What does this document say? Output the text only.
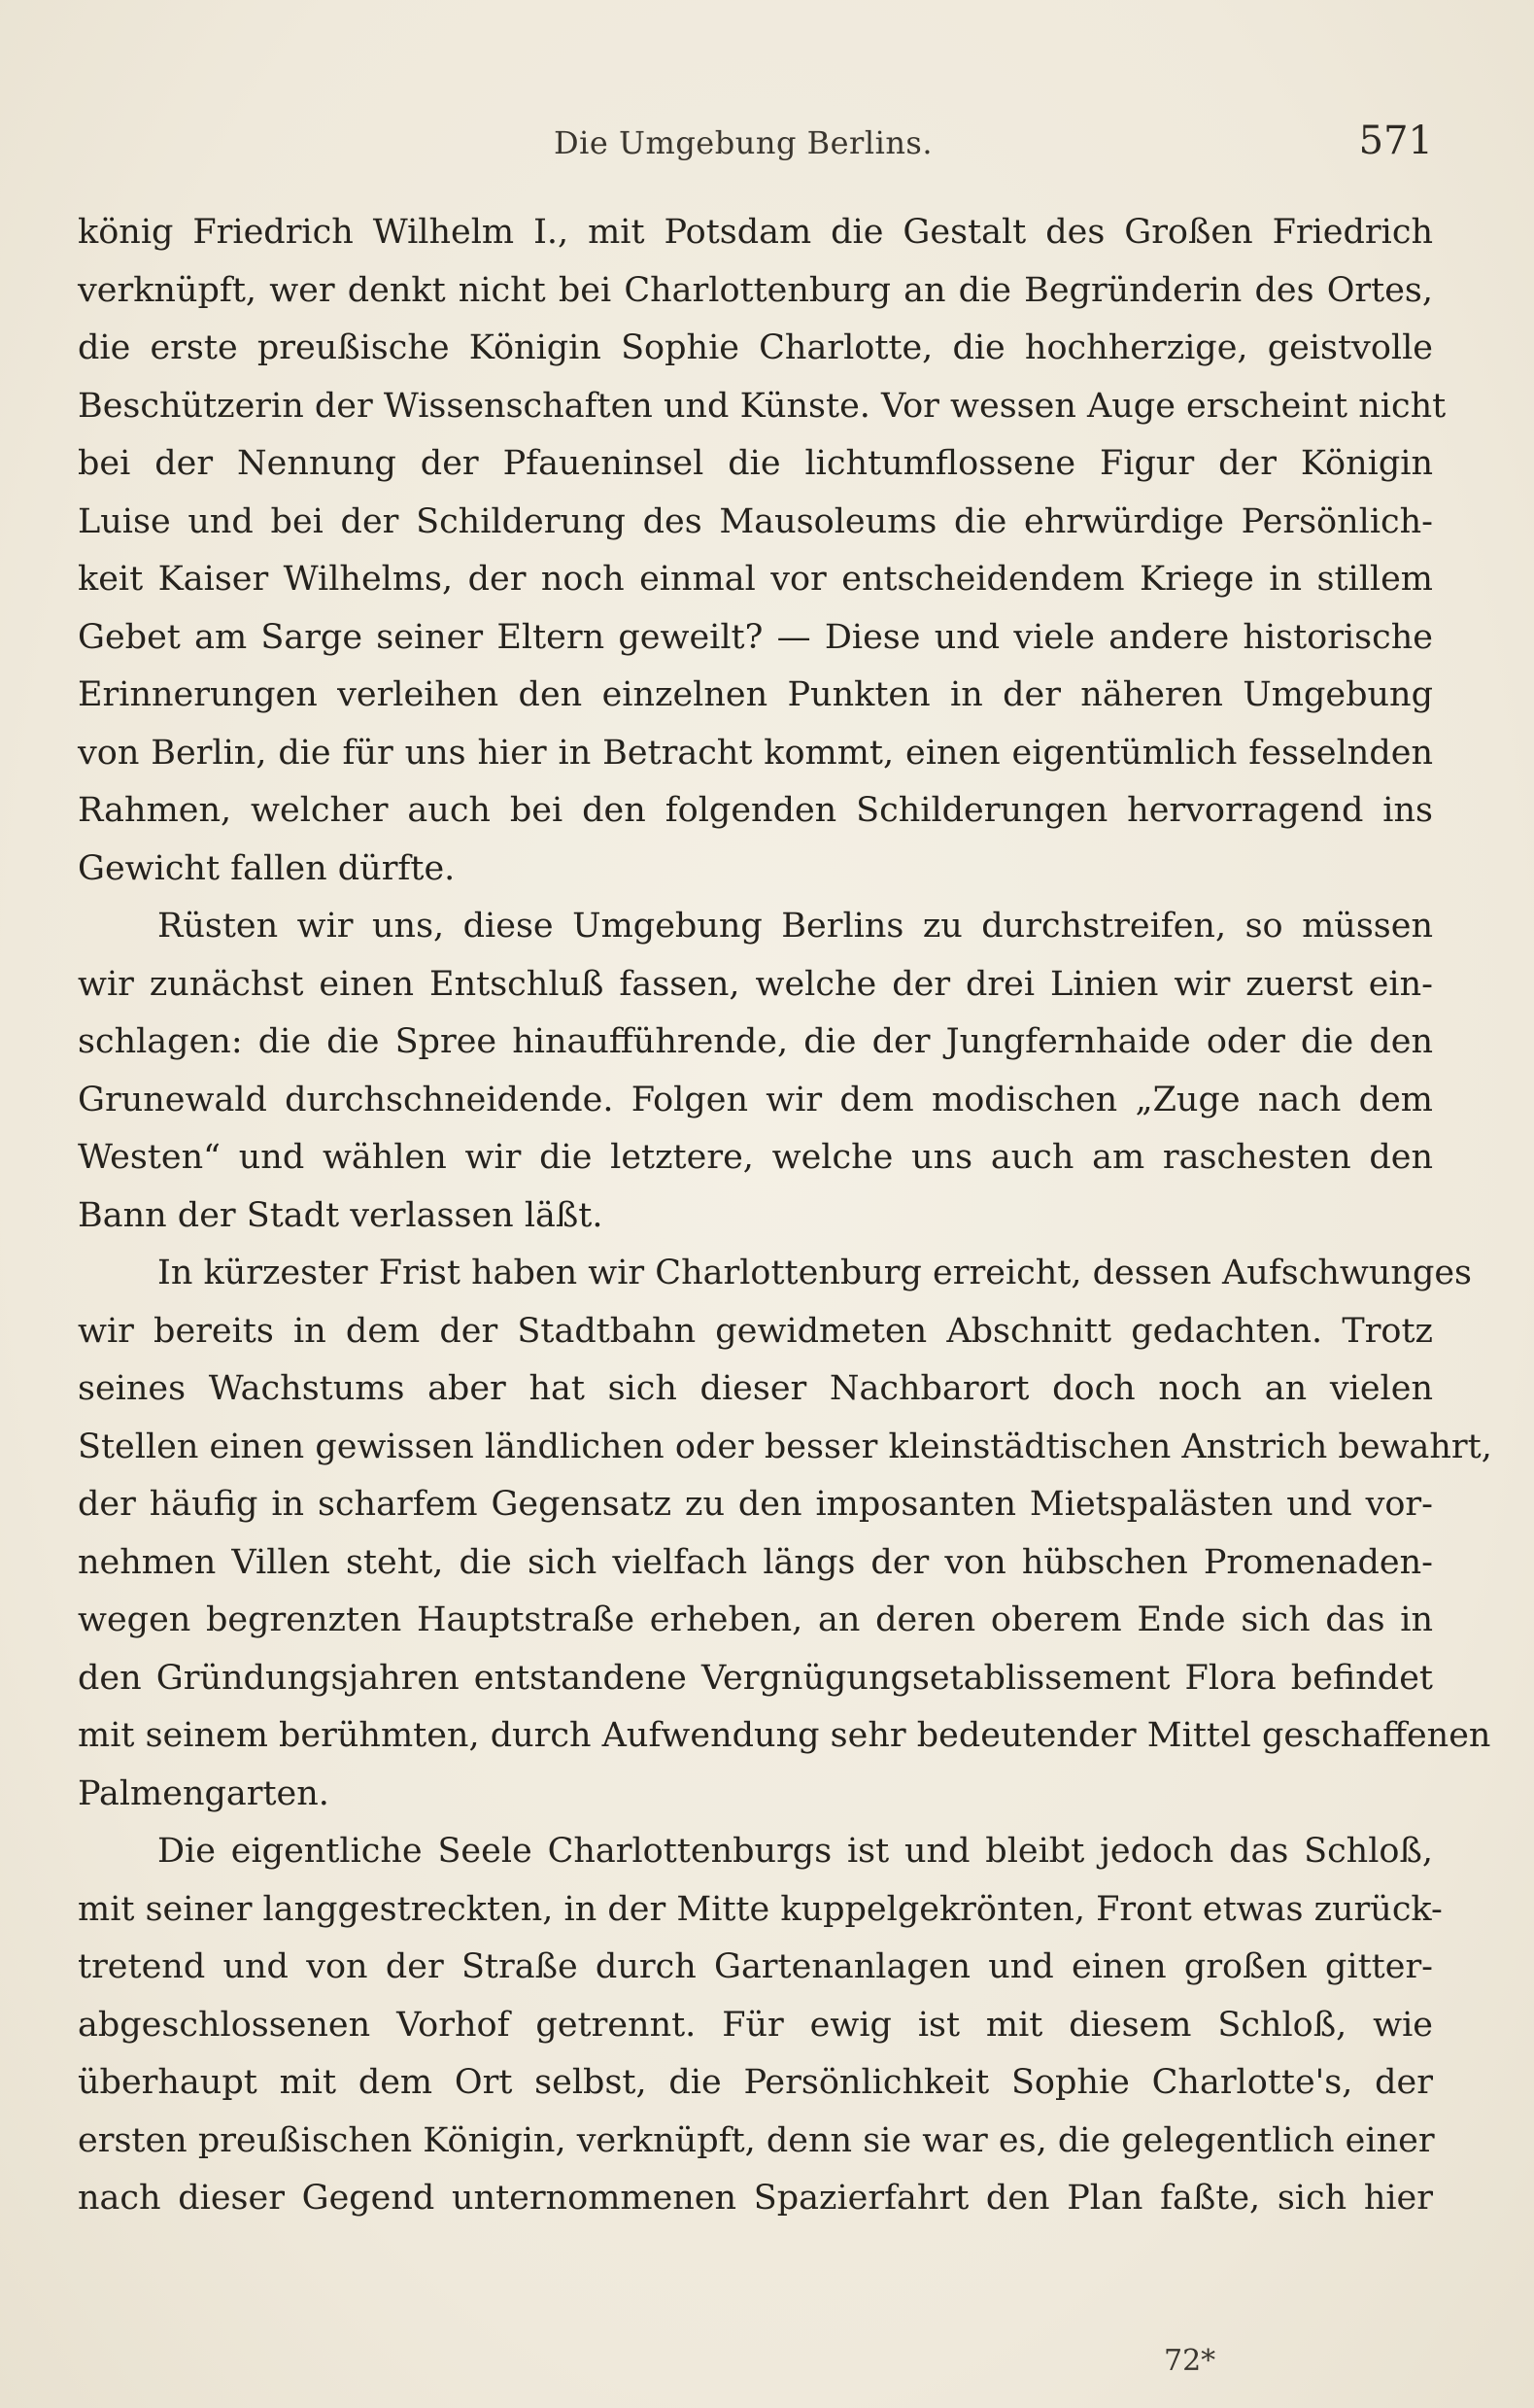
Die Umgebung Berlins.	571

könig Friedrich Wilhelm I., mit Potsdam die Gestalt des Großen Friedrich
verknüpft, wer denkt nicht bei Charlottenburg an die Begründerin des Ortes,
die erste preußische Königin Sophie Charlotte, die hochherzige, geistvolle
Beschützerin der Wissenschaften und Künste. Vor wessen Auge erscheint nicht
bei der Nennung der Pfaueninsel die lichtumflossene Figur der Königin
Luise und bei der Schilderung des Mausoleums die ehrwürdige Persönlich-
keit Kaiser Wilhelms, der noch einmal vor entscheidendem Kriege in stillem
Gebet am Sarge seiner Eltern geweilt? — Diese und viele andere historische
Erinnerungen verleihen den einzelnen Punkten in der näheren Umgebung
von Berlin, die für uns hier in Betracht kommt, einen eigentümlich fesselnden
Rahmen, welcher auch bei den folgenden Schilderungen hervorragend ins
Gewicht fallen dürfte.

Rüsten wir uns, diese Umgebung Berlins zu durchstreifen, so müssen
wir zunächst einen Entschluß fassen, welche der drei Linien wir zuerst ein-
schlagen: die die Spree hinaufführende, die der Jungfernhaide oder die den
Grunewald durchschneidende. Folgen wir dem modischen „Zuge nach dem
Westen“ und wählen wir die letztere, welche uns auch am raschesten den
Bann der Stadt verlassen läßt.

In kürzester Frist haben wir Charlottenburg erreicht, dessen Aufschwunges
wir bereits in dem der Stadtbahn gewidmeten Abschnitt gedachten. Trotz
seines Wachstums aber hat sich dieser Nachbarort doch noch an vielen
Stellen einen gewissen ländlichen oder besser kleinstädtischen Anstrich bewahrt,
der häufig in scharfem Gegensatz zu den imposanten Mietspalästen und vor-
nehmen Villen steht, die sich vielfach längs der von hübschen Promenaden-
wegen begrenzten Hauptstraße erheben, an deren oberem Ende sich das in
den Gründungsjahren entstandene Vergnügungsetablissement Flora befindet
mit seinem berühmten, durch Aufwendung sehr bedeutender Mittel geschaffenen
Palmengarten.

Die eigentliche Seele Charlottenburgs ist und bleibt jedoch das Schloß,
mit seiner langgestreckten, in der Mitte kuppelgekrönten, Front etwas zurück-
tretend und von der Straße durch Gartenanlagen und einen großen gitter-
abgeschlossenen Vorhof getrennt. Für ewig ist mit diesem Schloß, wie
überhaupt mit dem Ort selbst, die Persönlichkeit Sophie Charlotte's, der
ersten preußischen Königin, verknüpft, denn sie war es, die gelegentlich einer
nach dieser Gegend unternommenen Spazierfahrt den Plan faßte, sich hier

72*
